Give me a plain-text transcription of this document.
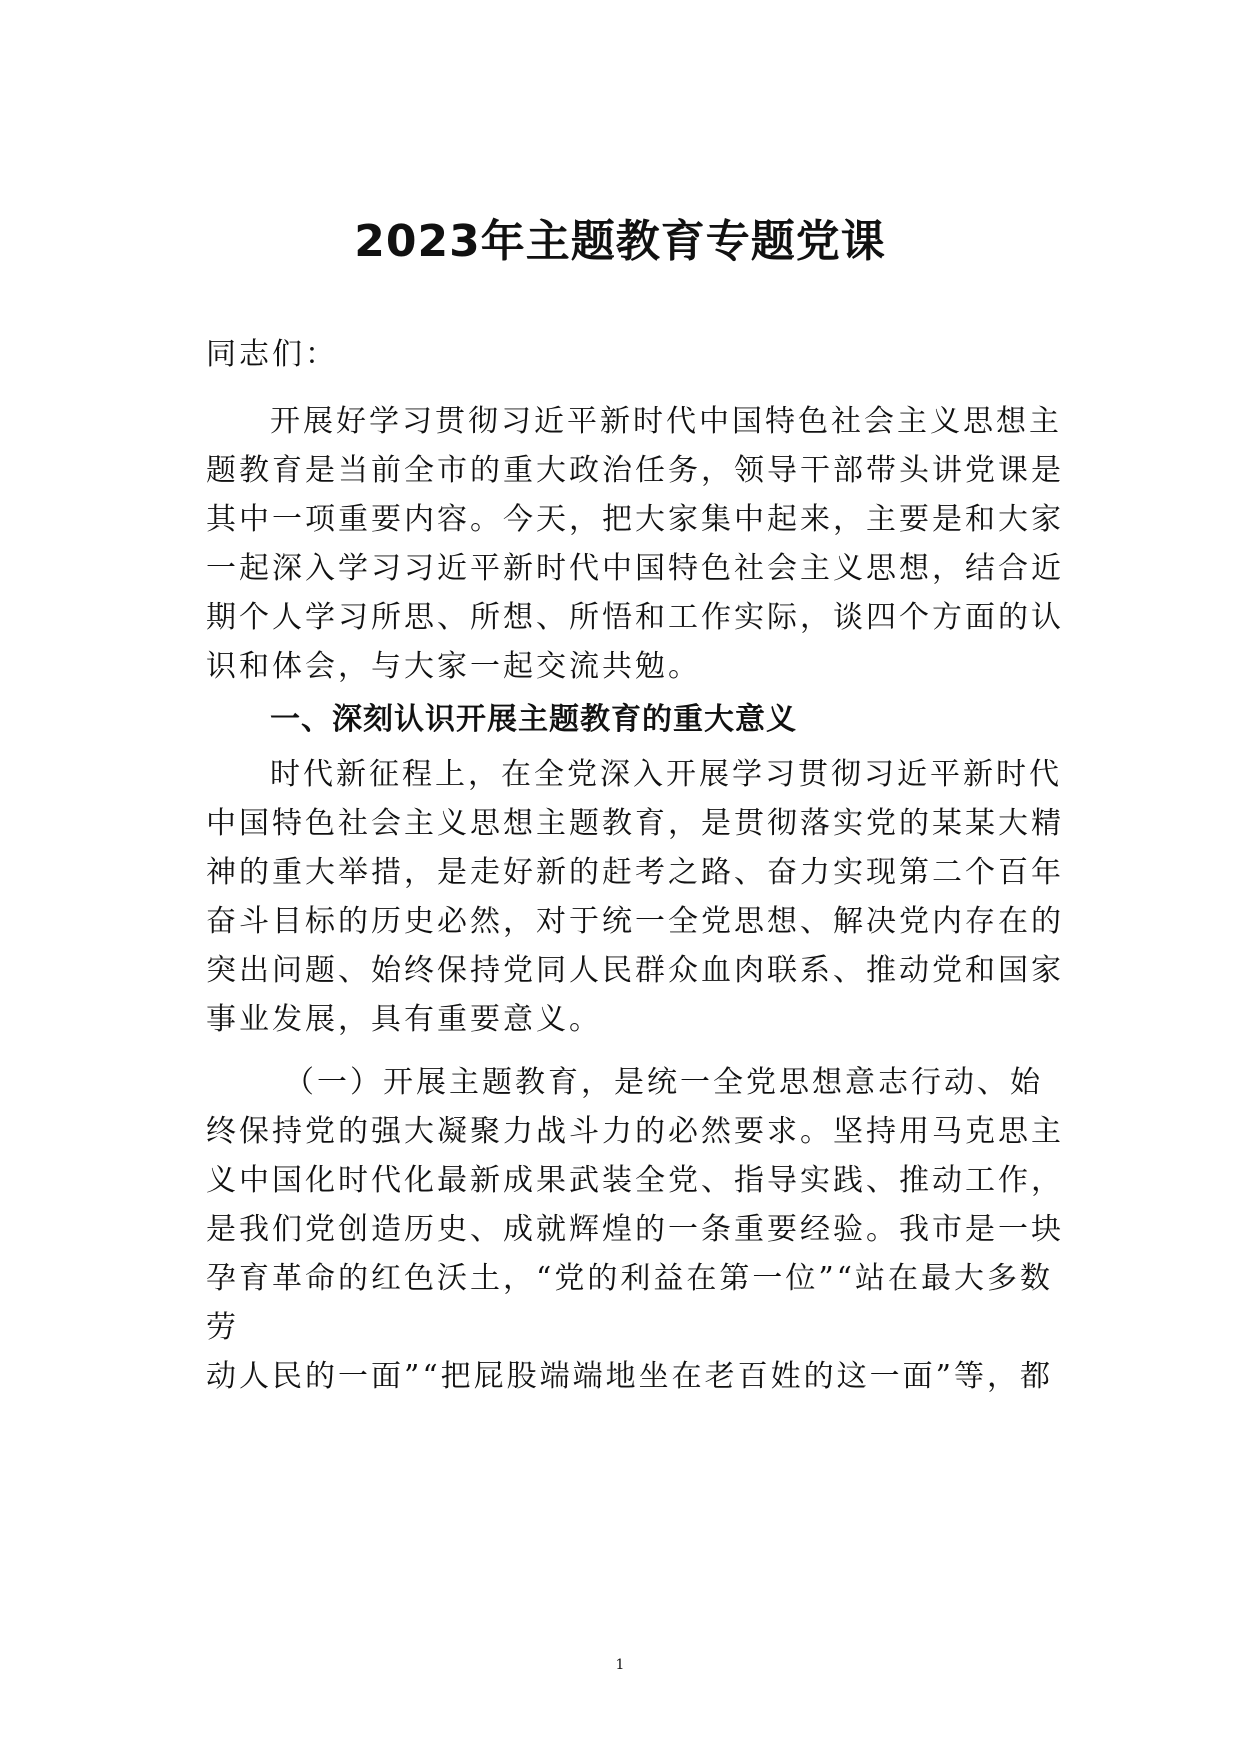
2023年主题教育专题党课

同志们：

开展好学习贯彻习近平新时代中国特色社会主义思想主题教育是当前全市的重大政治任务，领导干部带头讲党课是其中一项重要内容。今天，把大家集中起来，主要是和大家一起深入学习习近平新时代中国特色社会主义思想，结合近期个人学习所思、所想、所悟和工作实际，谈四个方面的认识和体会，与大家一起交流共勉。

一、深刻认识开展主题教育的重大意义

时代新征程上，在全党深入开展学习贯彻习近平新时代中国特色社会主义思想主题教育，是贯彻落实党的某某大精神的重大举措，是走好新的赶考之路、奋力实现第二个百年奋斗目标的历史必然，对于统一全党思想、解决党内存在的突出问题、始终保持党同人民群众血肉联系、推动党和国家事业发展，具有重要意义。

（一）开展主题教育，是统一全党思想意志行动、始终保持党的强大凝聚力战斗力的必然要求。坚持用马克思主义中国化时代化最新成果武装全党、指导实践、推动工作，是我们党创造历史、成就辉煌的一条重要经验。我市是一块孕育革命的红色沃土，“党的利益在第一位”“站在最大多数劳

动人民的一面”“把屁股端端地坐在老百姓的这一面”等，都

1
